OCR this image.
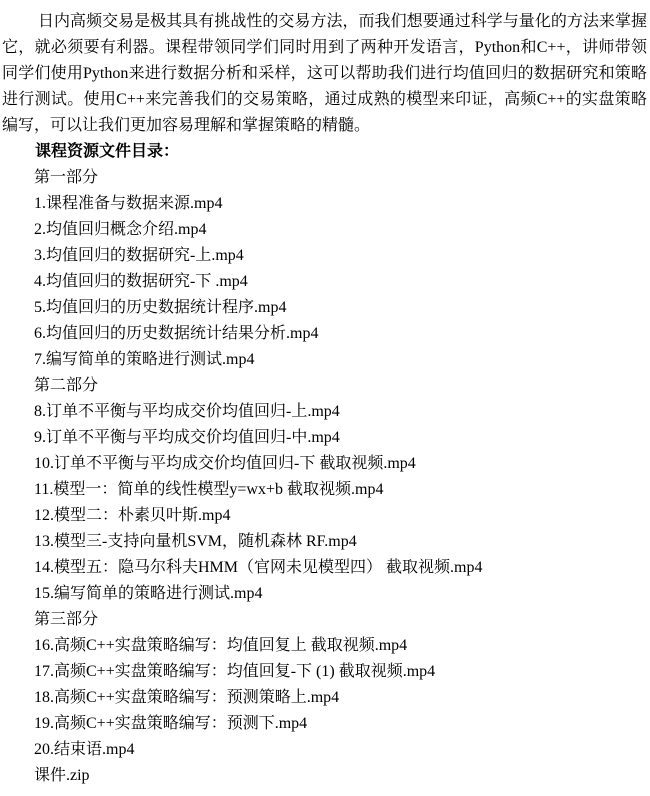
日内高频交易是极其具有挑战性的交易方法，而我们想要通过科学与量化的方法来掌握它，就必须要有利器。课程带领同学们同时用到了两种开发语言，Python和C++，讲师带领同学们使用Python来进行数据分析和采样，这可以帮助我们进行均值回归的数据研究和策略进行测试。使用C++来完善我们的交易策略，通过成熟的模型来印证，高频C++的实盘策略编写，可以让我们更加容易理解和掌握策略的精髓。

课程资源文件目录：

第一部分

1.课程准备与数据来源.mp4

2.均值回归概念介绍.mp4

3.均值回归的数据研究-上.mp4

4.均值回归的数据研究-下 .mp4

5.均值回归的历史数据统计程序.mp4

6.均值回归的历史数据统计结果分析.mp4

7.编写简单的策略进行测试.mp4

第二部分

8.订单不平衡与平均成交价均值回归-上.mp4

9.订单不平衡与平均成交价均值回归-中.mp4

10.订单不平衡与平均成交价均值回归-下 截取视频.mp4

11.模型一：简单的线性模型y=wx+b 截取视频.mp4

12.模型二：朴素贝叶斯.mp4

13.模型三-支持向量机SVM，随机森林 RF.mp4

14.模型五：隐马尔科夫HMM（官网未见模型四） 截取视频.mp4

15.编写简单的策略进行测试.mp4

第三部分

16.高频C++实盘策略编写：均值回复上 截取视频.mp4

17.高频C++实盘策略编写：均值回复-下 (1) 截取视频.mp4

18.高频C++实盘策略编写：预测策略上.mp4

19.高频C++实盘策略编写：预测下.mp4

20.结束语.mp4

课件.zip
